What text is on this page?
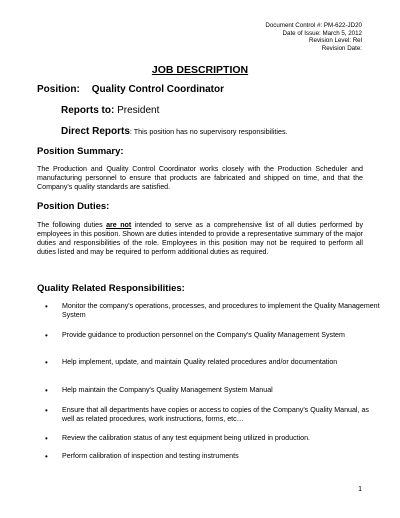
Document Control #: PM-622-JD20
Date of Issue: March 5, 2012
Revision Level: Rel
Revision Date:
JOB DESCRIPTION
Position: Quality Control Coordinator
Reports to: President
Direct Reports: This position has no supervisory responsibilities.
Position Summary:
The Production and Quality Control Coordinator works closely with the Production Scheduler and manufacturing personnel to ensure that products are fabricated and shipped on time, and that the Company's quality standards are satisfied.
Position Duties:
The following duties are not intended to serve as a comprehensive list of all duties performed by employees in this position. Shown are duties intended to provide a representative summary of the major duties and responsibilities of the role. Employees in this position may not be required to perform all duties listed and may be required to perform additional duties as required.
Quality Related Responsibilities:
• Monitor the company's operations, processes, and procedures to implement the Quality Management System
• Provide guidance to production personnel on the Company's Quality Management System
• Help implement, update, and maintain Quality related procedures and/or documentation
• Help maintain the Company's Quality Management System Manual
• Ensure that all departments have copies or access to copies of the Company's Quality Manual, as well as related procedures, work instructions, forms, etc…
• Review the calibration status of any test equipment being utilized in production.
• Perform calibration of inspection and testing instruments
1
